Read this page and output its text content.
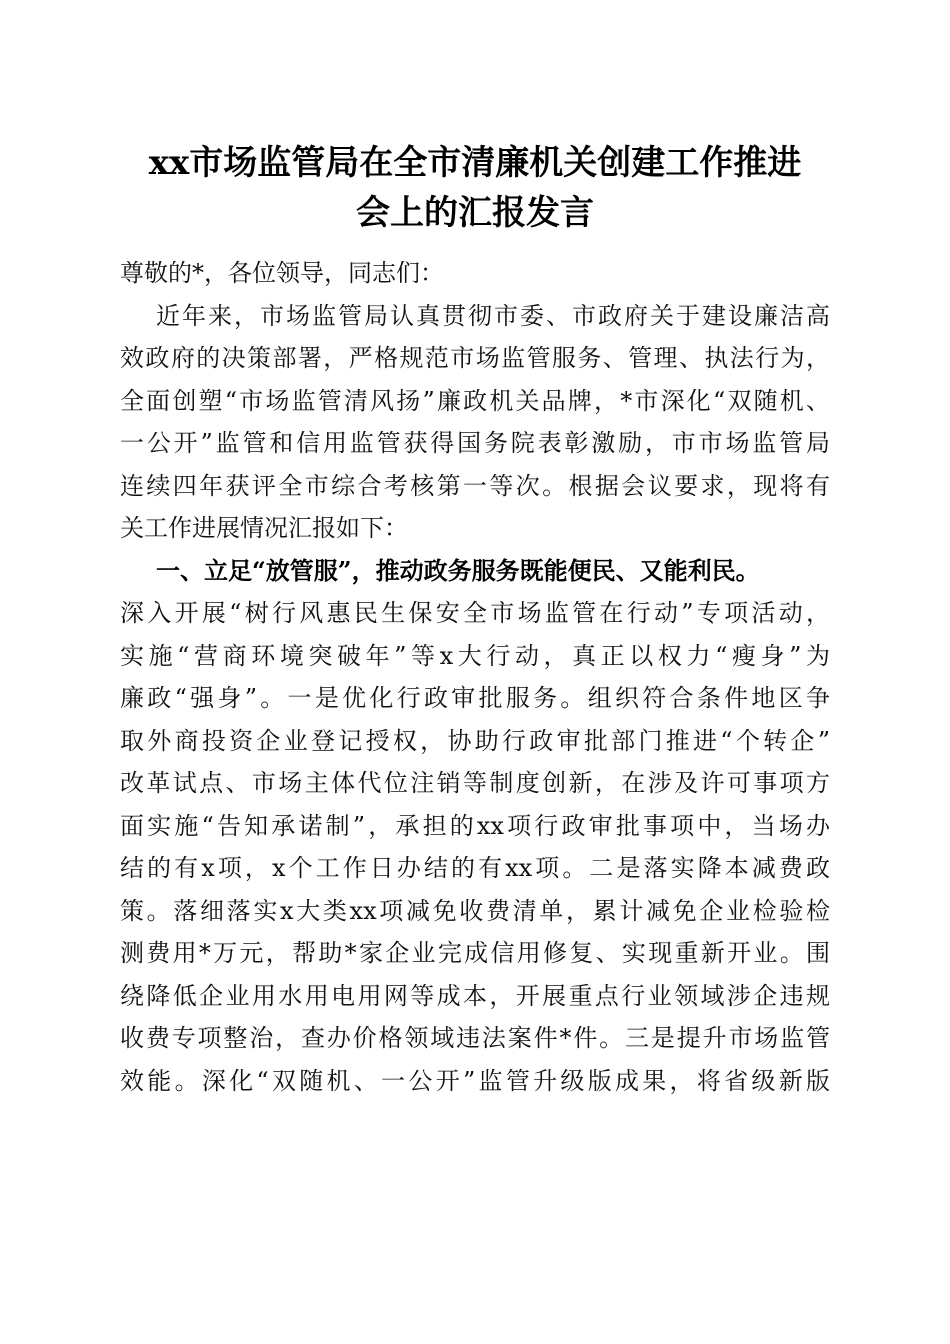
xx市场监管局在全市清廉机关创建工作推进
会上的汇报发言
尊敬的*，各位领导，同志们：
近年来，市场监管局认真贯彻市委、市政府关于建设廉洁高
效政府的决策部署，严格规范市场监管服务、管理、执法行为，
全面创塑“市场监管清风扬”廉政机关品牌，*市深化“双随机、
一公开”监管和信用监管获得国务院表彰激励，市市场监管局
连续四年获评全市综合考核第一等次。根据会议要求，现将有
关工作进展情况汇报如下：
一、立足“放管服”，推动政务服务既能便民、又能利民。
深入开展“树行风惠民生保安全市场监管在行动”专项活动，
实施“营商环境突破年”等x大行动，真正以权力“瘦身”为
廉政“强身”。一是优化行政审批服务。组织符合条件地区争
取外商投资企业登记授权，协助行政审批部门推进“个转企”
改革试点、市场主体代位注销等制度创新，在涉及许可事项方
面实施“告知承诺制”，承担的xx项行政审批事项中，当场办
结的有x项，x个工作日办结的有xx项。二是落实降本减费政
策。落细落实x大类xx项减免收费清单，累计减免企业检验检
测费用*万元，帮助*家企业完成信用修复、实现重新开业。围
绕降低企业用水用电用网等成本，开展重点行业领域涉企违规
收费专项整治，查办价格领域违法案件*件。三是提升市场监管
效能。深化“双随机、一公开”监管升级版成果，将省级新版
